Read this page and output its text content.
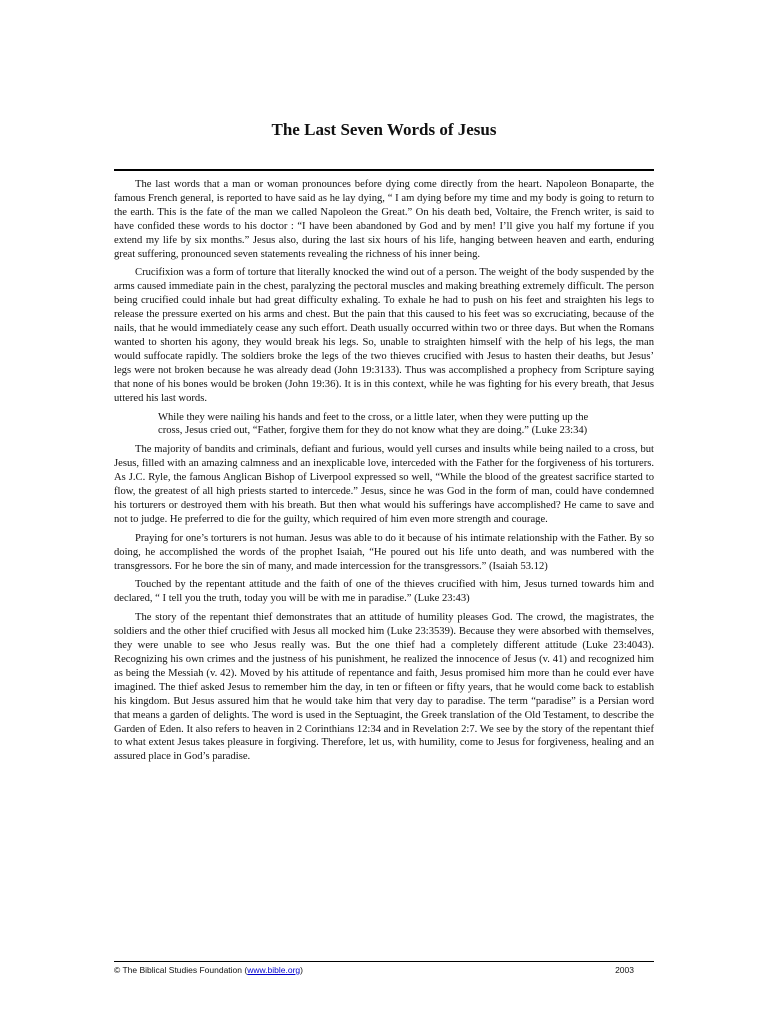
The Last Seven Words of Jesus

The last words that a man or woman pronounces before dying come directly from the heart. Napoleon Bonaparte, the famous French general, is reported to have said as he lay dying, “ I am dying before my time and my body is going to return to the earth. This is the fate of the man we called Napoleon the Great.” On his death bed, Voltaire, the French writer, is said to have confided these words to his doctor : “I have been abandoned by God and by men! I’ll give you half my fortune if you extend my life by six months.” Jesus also, during the last six hours of his life, hanging between heaven and earth, enduring great suffering, pronounced seven statements revealing the richness of his inner being.

Crucifixion was a form of torture that literally knocked the wind out of a person. The weight of the body suspended by the arms caused immediate pain in the chest, paralyzing the pectoral muscles and making breathing extremely difficult. The person being crucified could inhale but had great difficulty exhaling. To exhale he had to push on his feet and straighten his legs to release the pressure exerted on his arms and chest. But the pain that this caused to his feet was so excruciating, because of the nails, that he would immediately cease any such effort. Death usually occurred within two or three days. But when the Romans wanted to shorten his agony, they would break his legs. So, unable to straighten himself with the help of his legs, the man would suffocate rapidly. The soldiers broke the legs of the two thieves crucified with Jesus to hasten their deaths, but Jesus’ legs were not broken because he was already dead (John 19:3133). Thus was accomplished a prophecy from Scripture saying that none of his bones would be broken (John 19:36). It is in this context, while he was fighting for his every breath, that Jesus uttered his last words.

While they were nailing his hands and feet to the cross, or a little later, when they were putting up the cross, Jesus cried out, “Father, forgive them for they do not know what they are doing.” (Luke 23:34)

The majority of bandits and criminals, defiant and furious, would yell curses and insults while being nailed to a cross, but Jesus, filled with an amazing calmness and an inexplicable love, interceded with the Father for the forgiveness of his torturers. As J.C. Ryle, the famous Anglican Bishop of Liverpool expressed so well, “While the blood of the greatest sacrifice started to flow, the greatest of all high priests started to intercede.” Jesus, since he was God in the form of man, could have condemned his torturers or destroyed them with his breath. But then what would his sufferings have accomplished? He came to save and not to judge. He preferred to die for the guilty, which required of him even more strength and courage.

Praying for one’s torturers is not human. Jesus was able to do it because of his intimate relationship with the Father. By so doing, he accomplished the words of the prophet Isaiah, “He poured out his life unto death, and was numbered with the transgressors. For he bore the sin of many, and made intercession for the transgressors.” (Isaiah 53.12)

Touched by the repentant attitude and the faith of one of the thieves crucified with him, Jesus turned towards him and declared, “ I tell you the truth, today you will be with me in paradise.” (Luke 23:43)

The story of the repentant thief demonstrates that an attitude of humility pleases God. The crowd, the magistrates, the soldiers and the other thief crucified with Jesus all mocked him (Luke 23:3539). Because they were absorbed with themselves, they were unable to see who Jesus really was. But the one thief had a completely different attitude (Luke 23:4043). Recognizing his own crimes and the justness of his punishment, he realized the innocence of Jesus (v. 41) and recognized him as being the Messiah (v. 42). Moved by his attitude of repentance and faith, Jesus promised him more than he could ever have imagined. The thief asked Jesus to remember him the day, in ten or fifteen or fifty years, that he would come back to establish his kingdom. But Jesus assured him that he would take him that very day to paradise. The term “paradise” is a Persian word that means a garden of delights. The word is used in the Septuagint, the Greek translation of the Old Testament, to describe the Garden of Eden. It also refers to heaven in 2 Corinthians 12:34 and in Revelation 2:7. We see by the story of the repentant thief to what extent Jesus takes pleasure in forgiving. Therefore, let us, with humility, come to Jesus for forgiveness, healing and an assured place in God’s paradise.

© The Biblical Studies Foundation (www.bible.org)	2003
